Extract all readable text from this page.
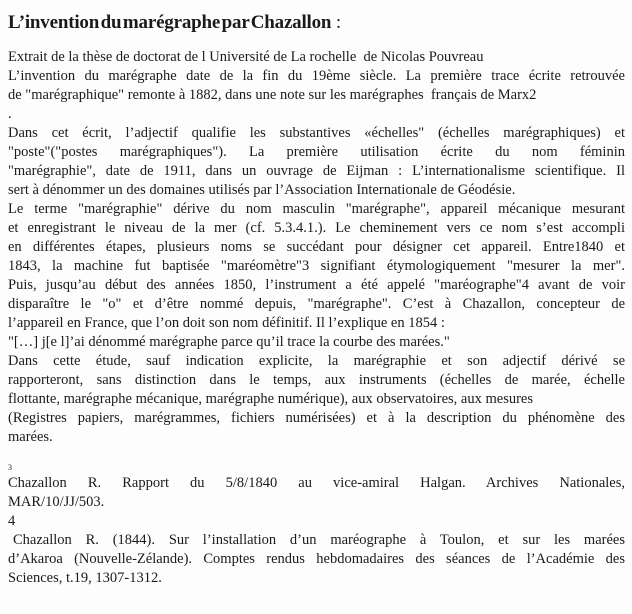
L’invention du marégraphe par Chazallon :
Extrait de la thèse de doctorat de l Université de La rochelle  de Nicolas Pouvreau
L’invention du marégraphe date de la fin du 19ème siècle. La première trace écrite retrouvée
de "marégraphique" remonte à 1882, dans une note sur les marégraphes  français de Marx2
.
Dans cet écrit, l’adjectif qualifie les substantives «échelles" (échelles marégraphiques) et
"poste"("postes marégraphiques"). La première utilisation écrite du nom féminin
"marégraphie", date de 1911, dans un ouvrage de Eijman : L’internationalisme scientifique. Il
sert à dénommer un des domaines utilisés par l’Association Internationale de Géodésie.
Le terme "marégraphie" dérive du nom masculin "marégraphe", appareil mécanique mesurant
et enregistrant le niveau de la mer (cf. 5.3.4.1.). Le cheminement vers ce nom s’est accompli
en différentes étapes, plusieurs noms se succédant pour désigner cet appareil. Entre1840 et
1843, la machine fut baptisée "maréomètre"3 signifiant étymologiquement "mesurer la mer".
Puis, jusqu’au début des années 1850, l’instrument a été appelé "maréographe"4 avant de voir
disparaître le "o" et d’être nommé depuis, "marégraphe". C’est à Chazallon, concepteur de
l’appareil en France, que l’on doit son nom définitif. Il l’explique en 1854 :
"[…] j[e l]’ai dénommé marégraphe parce qu’il trace la courbe des marées."
Dans cette étude, sauf indication explicite, la marégraphie et son adjectif dérivé se
rapporteront, sans distinction dans le temps, aux instruments (échelles de marée, échelle
flottante, marégraphe mécanique, marégraphe numérique), aux observatoires, aux mesures
(Registres papiers, marégrammes, fichiers numérisées) et à la description du phénomène des
marées.
3
Chazallon R. Rapport du 5/8/1840 au vice-amiral Halgan. Archives Nationales,
MAR/10/JJ/503.
4
Chazallon R. (1844). Sur l’installation d’un maréographe à Toulon, et sur les marées
d’Akaroa (Nouvelle-Zélande). Comptes rendus hebdomadaires des séances de l’Académie des
Sciences, t.19, 1307-1312.
